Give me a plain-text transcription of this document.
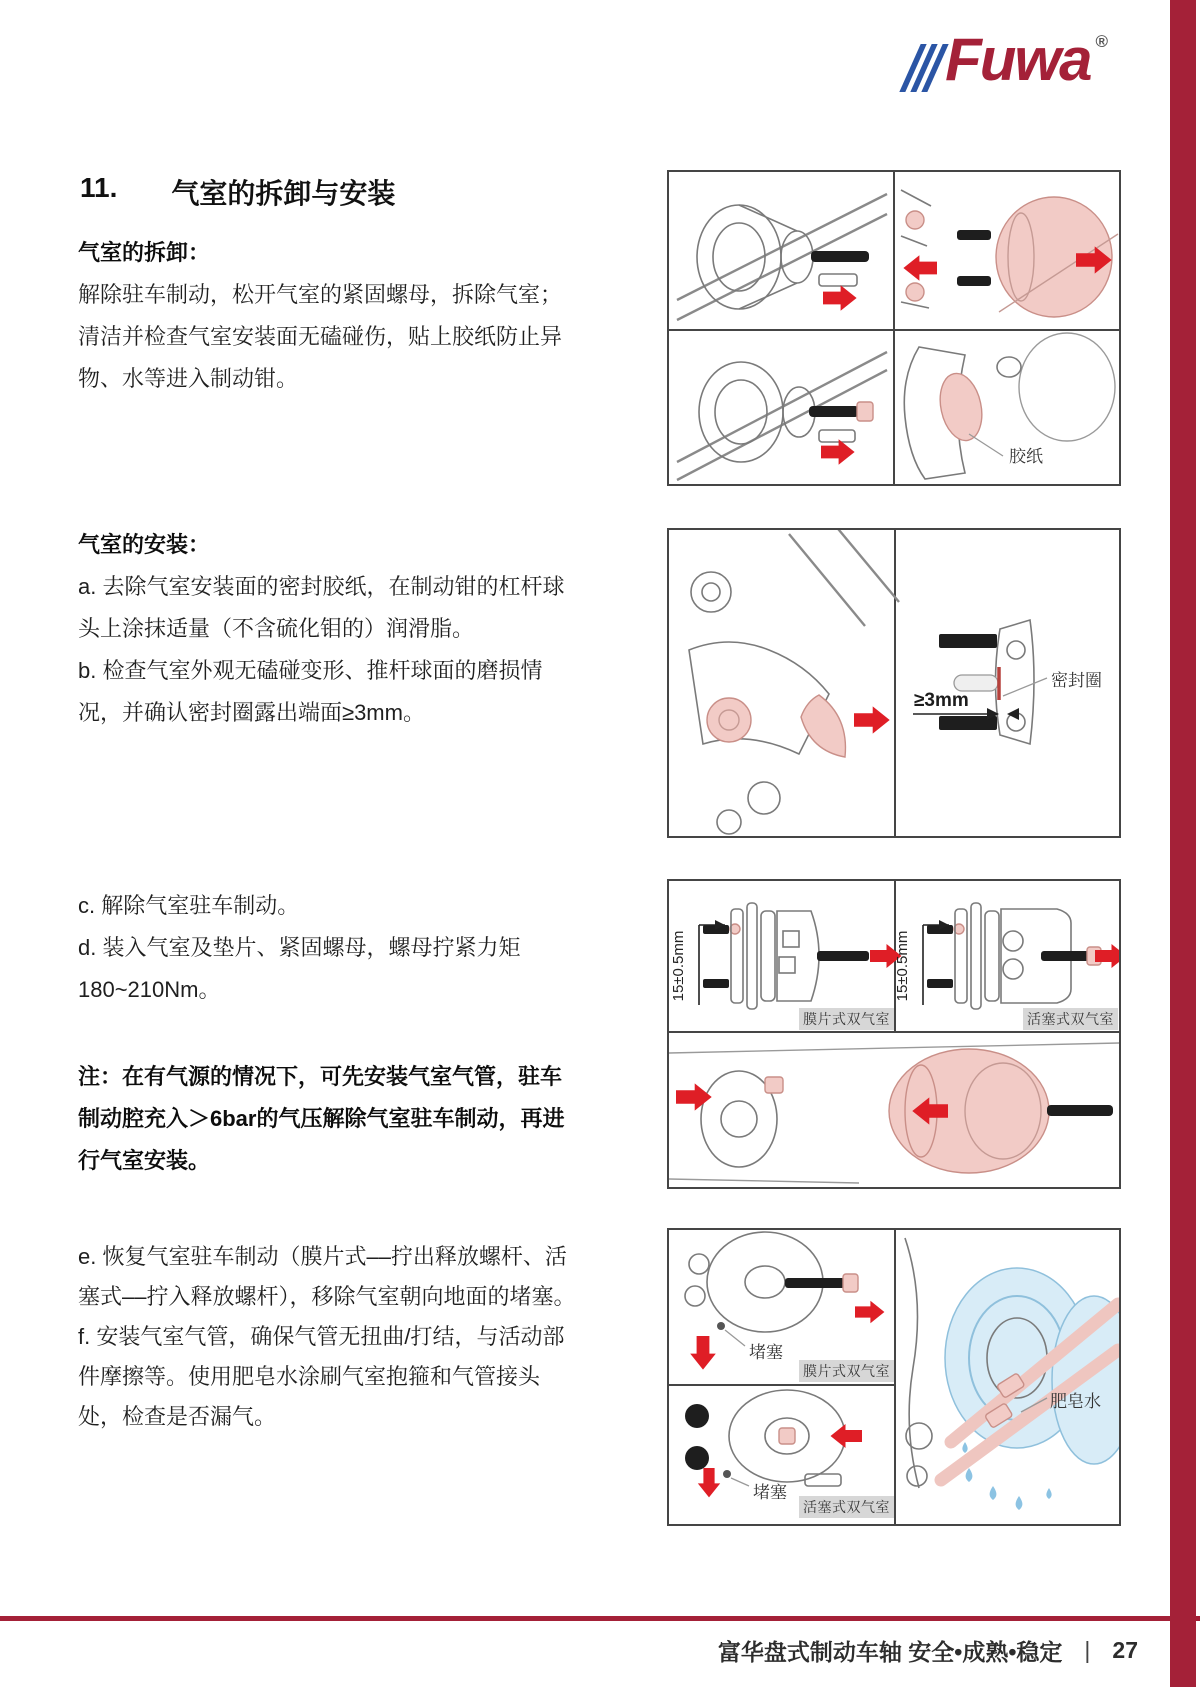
Fuwa ®
11. 气室的拆卸与安装

气室的拆卸：

解除驻车制动，松开气室的紧固螺母，拆除气室；清洁并检查气室安装面无磕碰伤，贴上胶纸防止异物、水等进入制动钳。

气室的安装：

a. 去除气室安装面的密封胶纸，在制动钳的杠杆球头上涂抹适量（不含硫化钼的）润滑脂。

b. 检查气室外观无磕碰变形、推杆球面的磨损情况，并确认密封圈露出端面≥3mm。

c. 解除气室驻车制动。

d. 装入气室及垫片、紧固螺母，螺母拧紧力矩180~210Nm。

注：在有气源的情况下，可先安装气室气管，驻车制动腔充入＞6bar的气压解除气室驻车制动，再进行气室安装。

e. 恢复气室驻车制动（膜片式––拧出释放螺杆、活塞式––拧入释放螺杆），移除气室朝向地面的堵塞。

f. 安装气室气管，确保气管无扭曲/打结，与活动部件摩擦等。使用肥皂水涂刷气室抱箍和气管接头处，检查是否漏气。

胶纸
≥3mm
密封圈
15±0.5mm	15±0.5mm
膜片式双气室	活塞式双气室
堵塞
膜片式双气室
堵塞
活塞式双气室
肥皂水
富华盘式制动车轴 安全•成熟•稳定 | 27
